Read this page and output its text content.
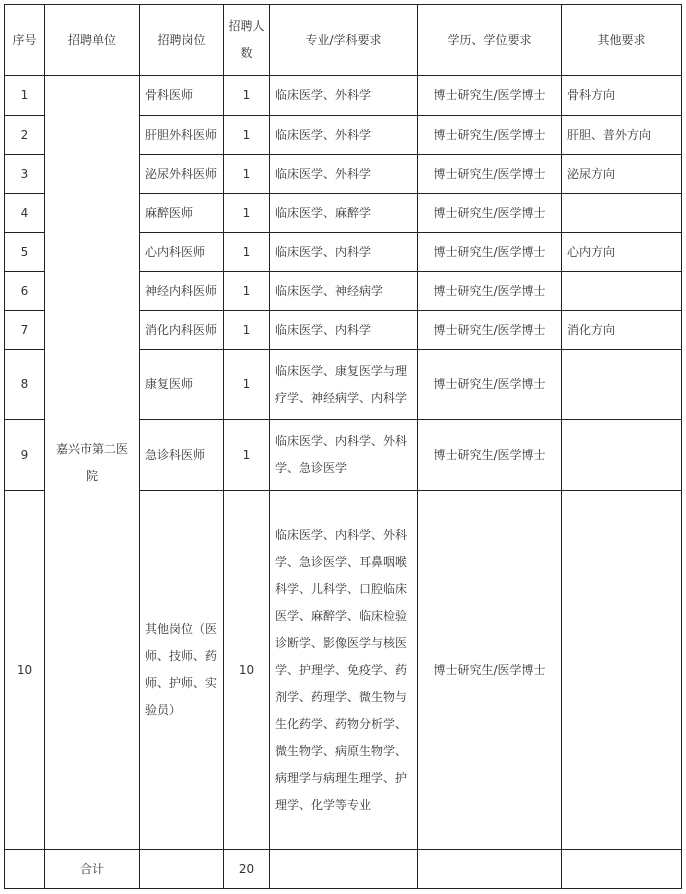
序号	招聘单位	招聘岗位	招聘人数	专业/学科要求	学历、学位要求	其他要求
1	嘉兴市第二医院	骨科医师	1	临床医学、外科学	博士研究生/医学博士	骨科方向
2		肝胆外科医师	1	临床医学、外科学	博士研究生/医学博士	肝胆、普外方向
3		泌尿外科医师	1	临床医学、外科学	博士研究生/医学博士	泌尿方向
4		麻醉医师	1	临床医学、麻醉学	博士研究生/医学博士	
5		心内科医师	1	临床医学、内科学	博士研究生/医学博士	心内方向
6		神经内科医师	1	临床医学、神经病学	博士研究生/医学博士	
7		消化内科医师	1	临床医学、内科学	博士研究生/医学博士	消化方向
8		康复医师	1	临床医学、康复医学与理疗学、神经病学、内科学	博士研究生/医学博士	
9		急诊科医师	1	临床医学、内科学、外科学、急诊医学	博士研究生/医学博士	
10		其他岗位（医师、技师、药师、护师、实验员）	10	临床医学、内科学、外科学、急诊医学、耳鼻咽喉科学、儿科学、口腔临床医学、麻醉学、临床检验诊断学、影像医学与核医学、护理学、免疫学、药剂学、药理学、微生物与生化药学、药物分析学、微生物学、病原生物学、病理学与病理生理学、护理学、化学等专业	博士研究生/医学博士	
	合计		20			
